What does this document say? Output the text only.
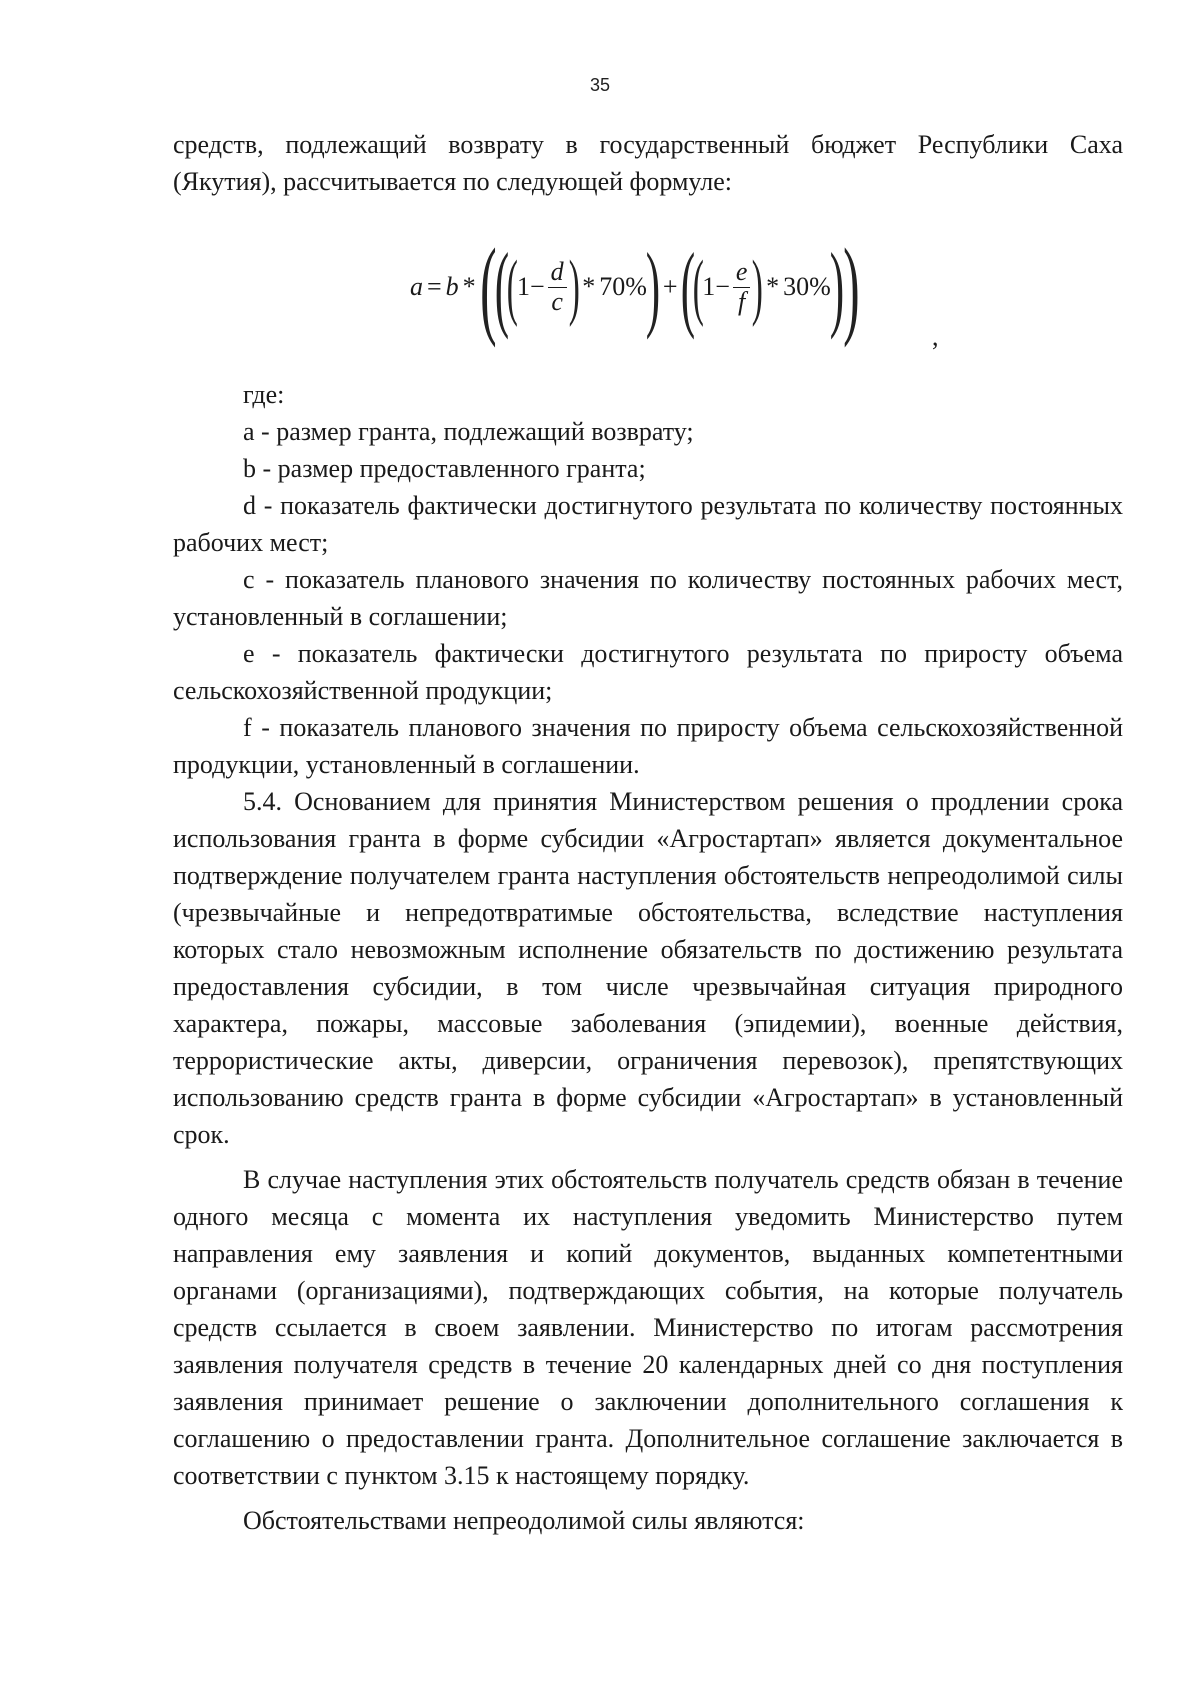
35

средств, подлежащий возврату в государственный бюджет Республики Саха (Якутия), рассчитывается по следующей формуле:

a = b * (
(
(
$1 - \frac{d}{c}$ ) * 70%
) + (
(
$1 - \frac{e}{f}$ ) * 30%
)
)	,

где:

a - размер гранта, подлежащий возврату;

b - размер предоставленного гранта;

d - показатель фактически достигнутого результата по количеству постоянных рабочих мест;

c - показатель планового значения по количеству постоянных рабочих мест, установленный в соглашении;

e - показатель фактически достигнутого результата по приросту объема сельскохозяйственной продукции;

f - показатель планового значения по приросту объема сельскохозяйственной продукции, установленный в соглашении.

5.4. Основанием для принятия Министерством решения о продлении срока использования гранта в форме субсидии «Агростартап» является документальное подтверждение получателем гранта наступления обстоятельств непреодолимой силы (чрезвычайные и непредотвратимые обстоятельства, вследствие наступления которых стало невозможным исполнение обязательств по достижению результата предоставления субсидии, в том числе чрезвычайная ситуация природного характера, пожары, массовые заболевания (эпидемии), военные действия, террористические акты, диверсии, ограничения перевозок), препятствующих использованию средств гранта в форме субсидии «Агростартап» в установленный срок.

В случае наступления этих обстоятельств получатель средств обязан в течение одного месяца с момента их наступления уведомить Министерство путем направления ему заявления и копий документов, выданных компетентными органами (организациями), подтверждающих события, на которые получатель средств ссылается в своем заявлении. Министерство по итогам рассмотрения заявления получателя средств в течение 20 календарных дней со дня поступления заявления принимает решение о заключении дополнительного соглашения к соглашению о предоставлении гранта. Дополнительное соглашение заключается в соответствии с пунктом 3.15 к настоящему порядку.

Обстоятельствами непреодолимой силы являются:
